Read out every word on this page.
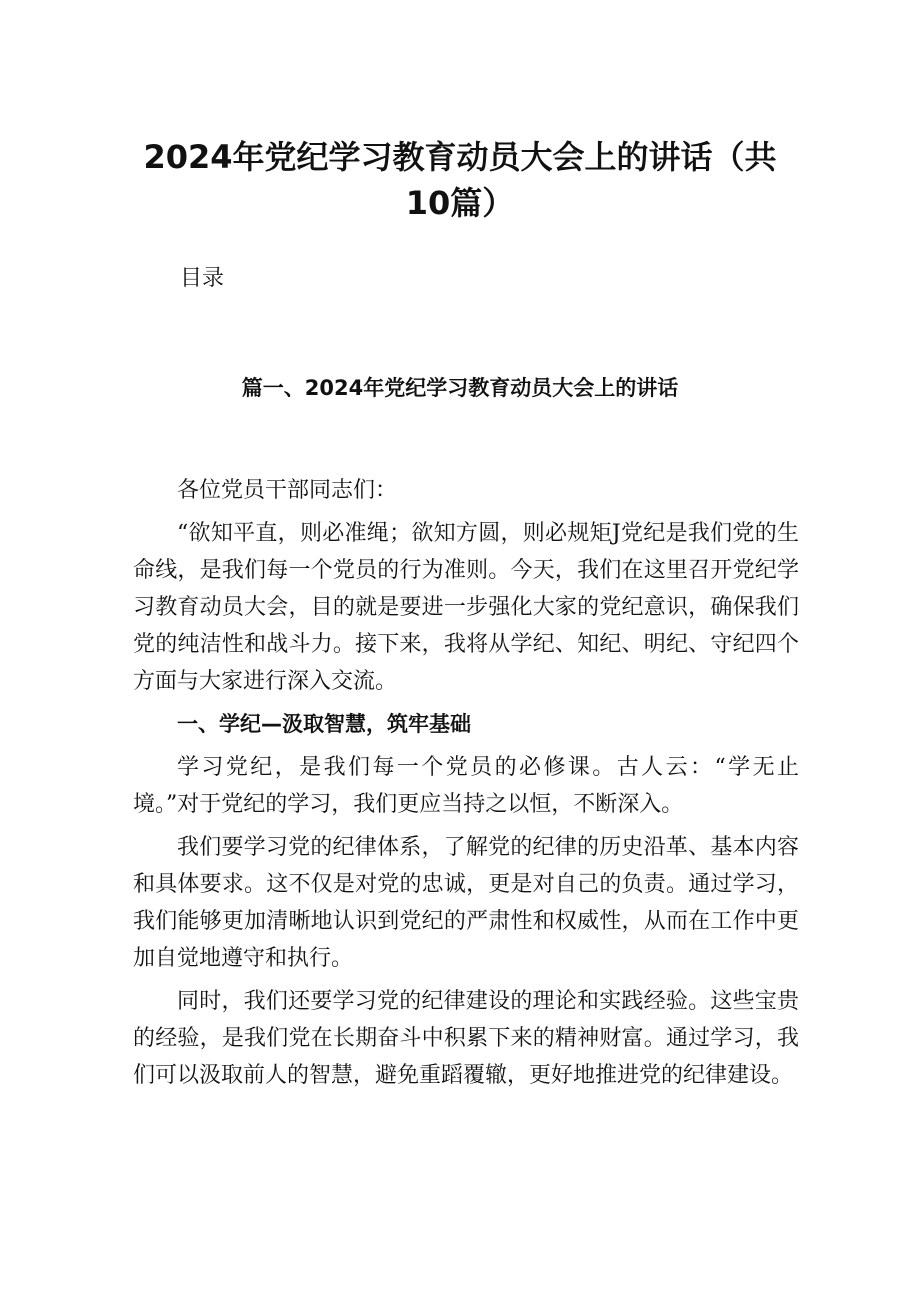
2024年党纪学习教育动员大会上的讲话（共10篇）

目录

篇一、2024年党纪学习教育动员大会上的讲话

各位党员干部同志们：

“欲知平直，则必准绳；欲知方圆，则必规矩J党纪是我们党的生命线，是我们每一个党员的行为准则。今天，我们在这里召开党纪学习教育动员大会，目的就是要进一步强化大家的党纪意识，确保我们党的纯洁性和战斗力。接下来，我将从学纪、知纪、明纪、守纪四个方面与大家进行深入交流。

一、学纪—汲取智慧，筑牢基础

学习党纪，是我们每一个党员的必修课。古人云：“学无止境。”对于党纪的学习，我们更应当持之以恒，不断深入。

我们要学习党的纪律体系，了解党的纪律的历史沿革、基本内容和具体要求。这不仅是对党的忠诚，更是对自己的负责。通过学习，我们能够更加清晰地认识到党纪的严肃性和权威性，从而在工作中更加自觉地遵守和执行。

同时，我们还要学习党的纪律建设的理论和实践经验。这些宝贵的经验，是我们党在长期奋斗中积累下来的精神财富。通过学习，我们可以汲取前人的智慧，避免重蹈覆辙，更好地推进党的纪律建设。
